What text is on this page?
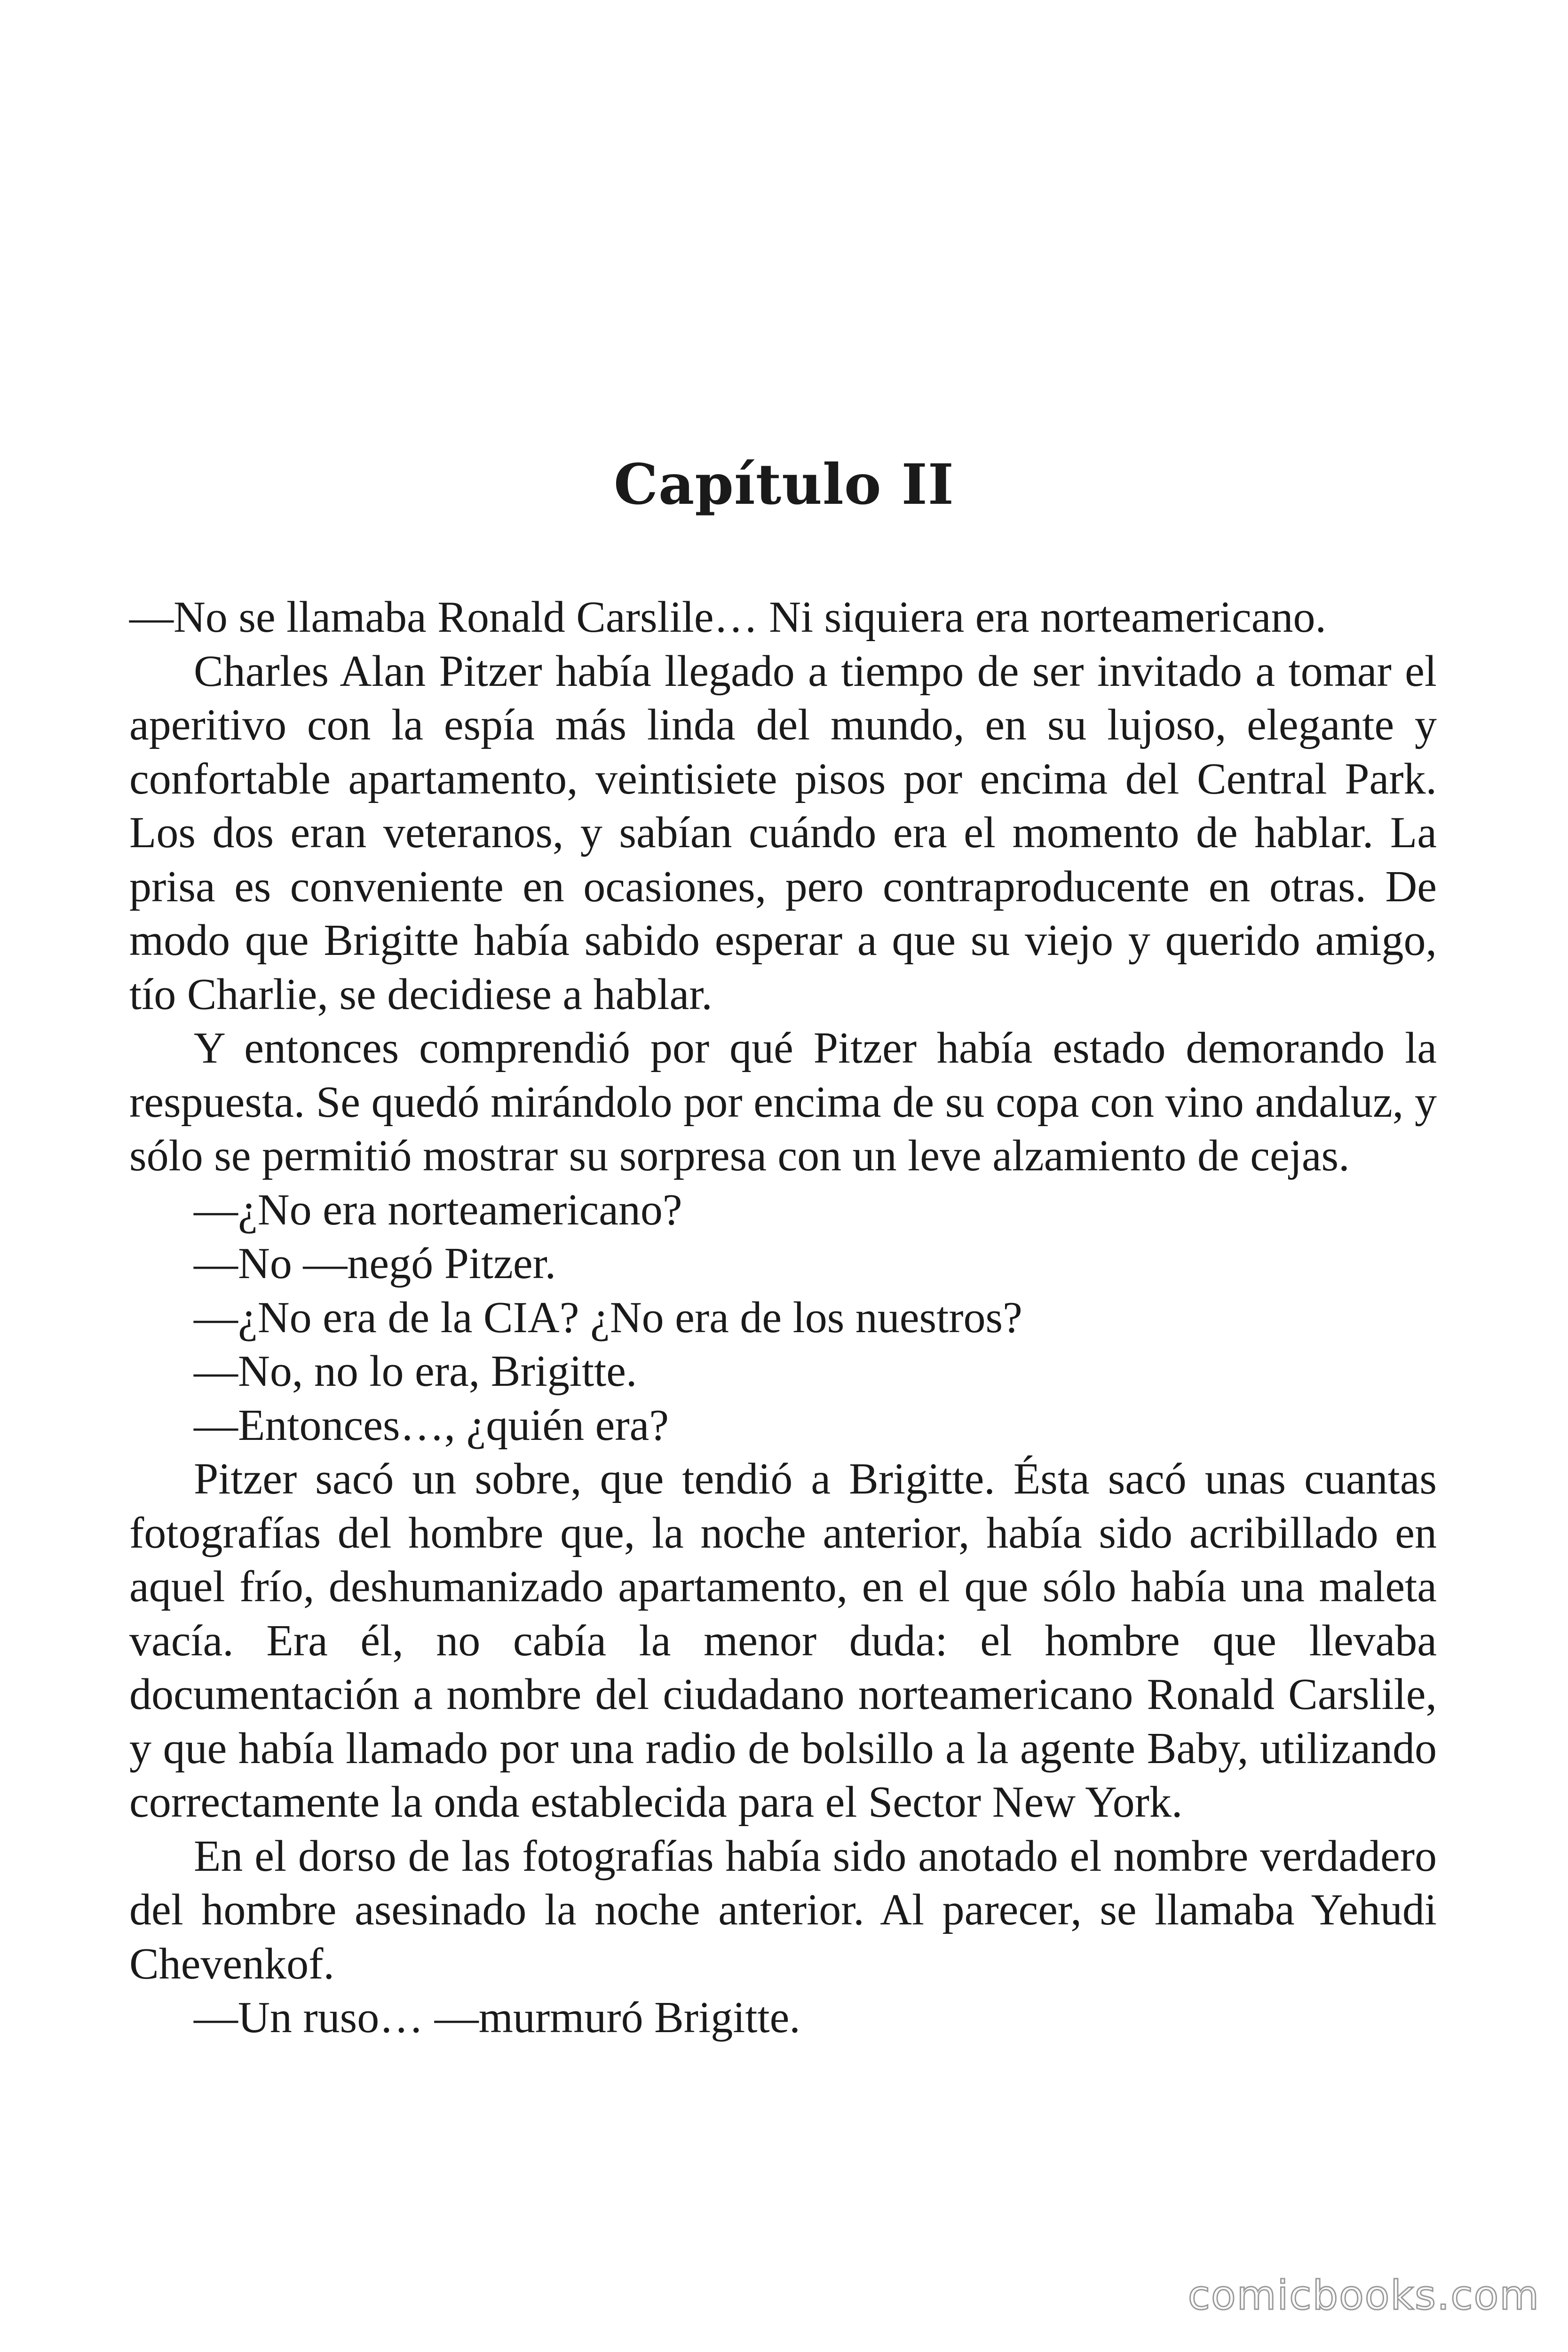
Capítulo II

—No se llamaba Ronald Carslile… Ni siquiera era norteamericano.

Charles Alan Pitzer había llegado a tiempo de ser invitado a tomar el aperitivo con la espía más linda del mundo, en su lujoso, elegante y confortable apartamento, veintisiete pisos por encima del Central Park. Los dos eran veteranos, y sabían cuándo era el momento de hablar. La prisa es conveniente en ocasiones, pero contraproducente en otras. De modo que Brigitte había sabido esperar a que su viejo y querido amigo, tío Charlie, se decidiese a hablar.

Y entonces comprendió por qué Pitzer había estado demorando la respuesta. Se quedó mirándolo por encima de su copa con vino andaluz, y sólo se permitió mostrar su sorpresa con un leve alzamiento de cejas.

—¿No era norteamericano?

—No —negó Pitzer.

—¿No era de la CIA? ¿No era de los nuestros?

—No, no lo era, Brigitte.

—Entonces…, ¿quién era?

Pitzer sacó un sobre, que tendió a Brigitte. Ésta sacó unas cuantas fotografías del hombre que, la noche anterior, había sido acribillado en aquel frío, deshumanizado apartamento, en el que sólo había una maleta vacía. Era él, no cabía la menor duda: el hombre que llevaba documentación a nombre del ciudadano norteamericano Ronald Carslile, y que había llamado por una radio de bolsillo a la agente Baby, utilizando correctamente la onda establecida para el Sector New York.

En el dorso de las fotografías había sido anotado el nombre verdadero del hombre asesinado la noche anterior. Al parecer, se llamaba Yehudi Chevenkof.

—Un ruso… —murmuró Brigitte.

comicbooks.com
